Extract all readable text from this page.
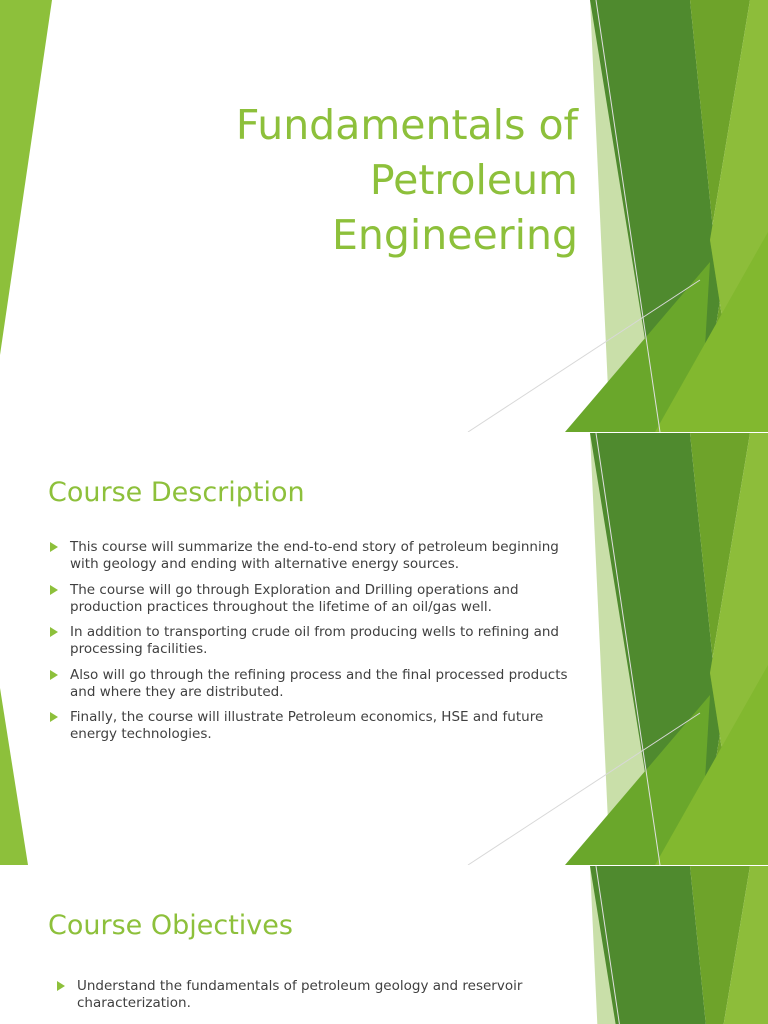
Fundamentals of
Petroleum
Engineering
Course Description
This course will summarize the end-to-end story of petroleum beginning with geology and ending with alternative energy sources.
The course will go through Exploration and Drilling operations and production practices throughout the lifetime of an oil/gas well.
In addition to transporting crude oil from producing wells to refining and processing facilities.
Also will go through the refining process and the final processed products and where they are distributed.
Finally, the course will illustrate Petroleum economics, HSE and future energy technologies.
Course Objectives
Understand the fundamentals of petroleum geology and reservoir characterization.
